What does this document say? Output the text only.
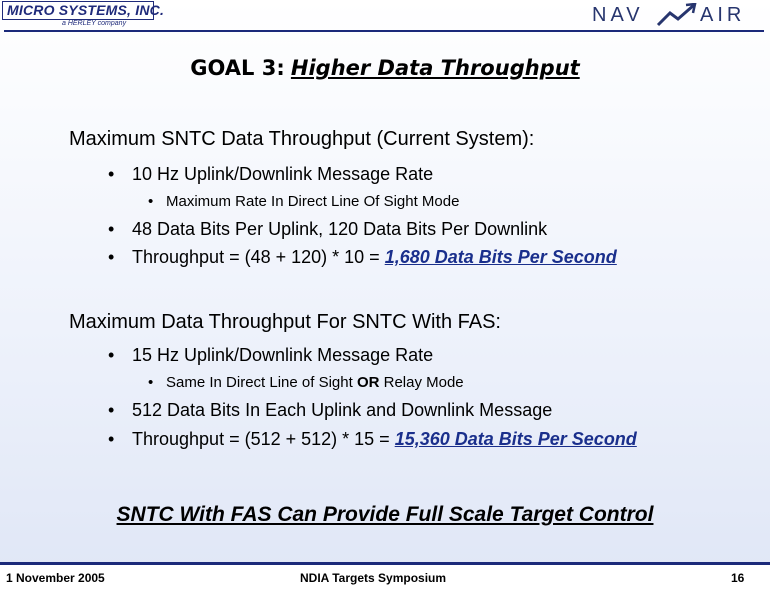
MICRO SYSTEMS, INC.
a HERLEY company	NAV	AIR
GOAL 3: Higher Data Throughput
Maximum SNTC Data Throughput (Current System):
• 10 Hz Uplink/Downlink Message Rate
• Maximum Rate In Direct Line Of Sight Mode
• 48 Data Bits Per Uplink, 120 Data Bits Per Downlink
• Throughput = (48 + 120) * 10 = 1,680 Data Bits Per Second
Maximum Data Throughput For SNTC With FAS:
• 15 Hz Uplink/Downlink Message Rate
• Same In Direct Line of Sight OR Relay Mode
• 512 Data Bits In Each Uplink and Downlink Message
• Throughput = (512 + 512) * 15 = 15,360 Data Bits Per Second
SNTC With FAS Can Provide Full Scale Target Control
1 November 2005	NDIA Targets Symposium	16
